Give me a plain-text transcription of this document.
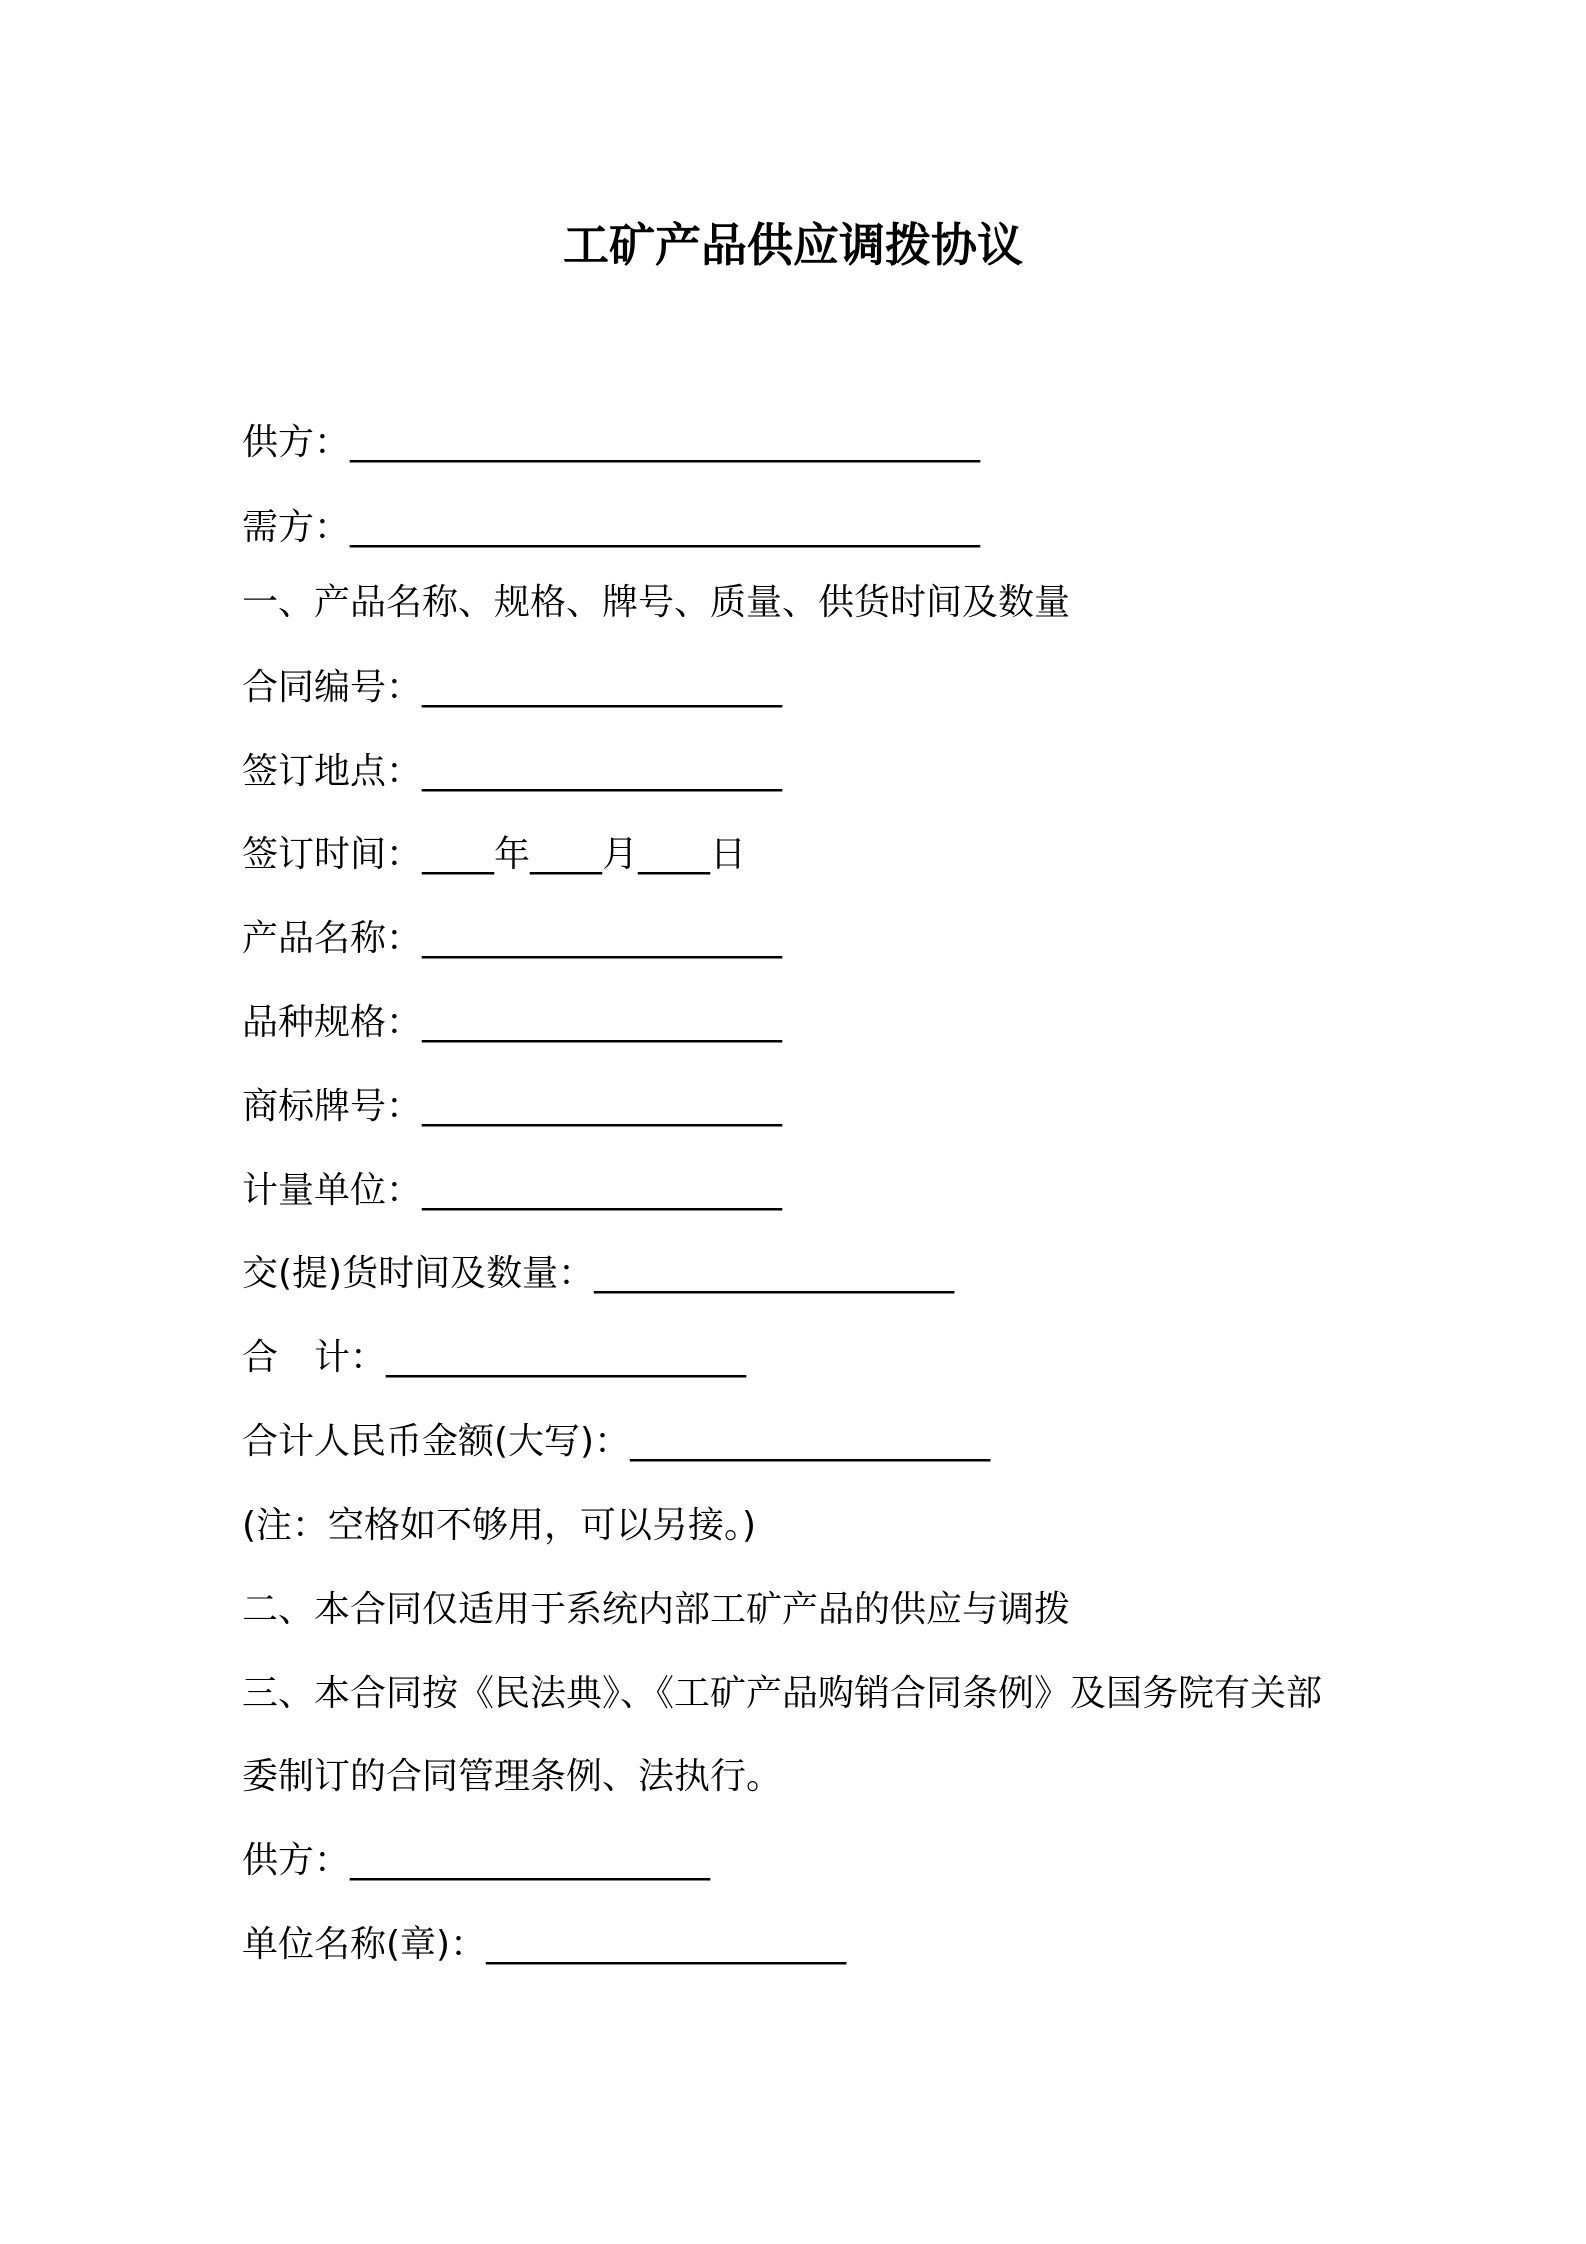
工矿产品供应调拨协议
供方：___________________________________
需方：___________________________________
一、产品名称、规格、牌号、质量、供货时间及数量
合同编号：____________________
签订地点：____________________
签订时间：____年____月____日
产品名称：____________________
品种规格：____________________
商标牌号：____________________
计量单位：____________________
交(提)货时间及数量：____________________
合　计：____________________
合计人民币金额(大写)：____________________
(注：空格如不够用，可以另接。)
二、本合同仅适用于系统内部工矿产品的供应与调拨
三、本合同按《民法典》、《工矿产品购销合同条例》及国务院有关部
委制订的合同管理条例、法执行。
供方：____________________
单位名称(章)：____________________
